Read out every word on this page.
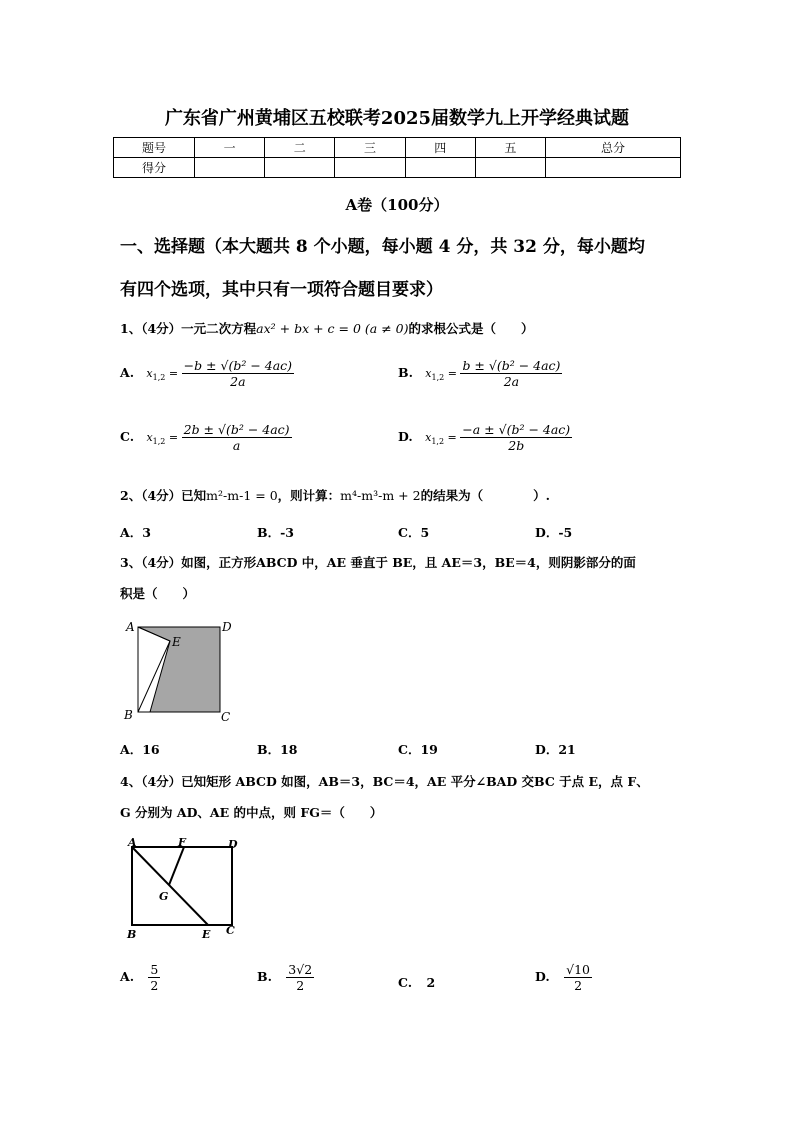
广东省广州黄埔区五校联考2025届数学九上开学经典试题
题号	一	二	三	四	五	总分
得分						
A卷（100分）
一、选择题（本大题共 8 个小题，每小题 4 分，共 32 分，每小题均
有四个选项，其中只有一项符合题目要求）
1、（4分）一元二次方程ax² + bx + c = 0 (a ≠ 0)的求根公式是（　　）
A. $x_{1,2} = \frac{\text{−b ± √(b² − 4ac)}}{2a}$	B. $x_{1,2} = \frac{\text{b ± √(b² − 4ac)}}{2a}$
C. $x_{1,2} = \frac{\text{2b ± √(b² − 4ac)}}{a}$	D. $x_{1,2} = \frac{\text{−a ± √(b² − 4ac)}}{2b}$
2、（4分）已知m²-m-1 = 0，则计算：m⁴-m³-m + 2的结果为（　　　　）.
A．3	B．-3	C．5	D．-5
3、（4分）如图，正方形ABCD 中，AE 垂直于 BE，且 AE＝3，BE＝4，则阴影部分的面
积是（　　）
A
E
D
B	C
A．16	B．18	C．19	D．21
4、（4分）已知矩形 ABCD 如图，AB＝3，BC＝4，AE 平分∠BAD 交BC 于点 E，点 F、
G 分别为 AD、AE 的中点，则 FG＝（　　）
A	F	D
G
B	E C
A. $\frac{5}{2}$	B. $\frac{3√2}{2}$	C. 2	D. $\frac{√10}{2}$
